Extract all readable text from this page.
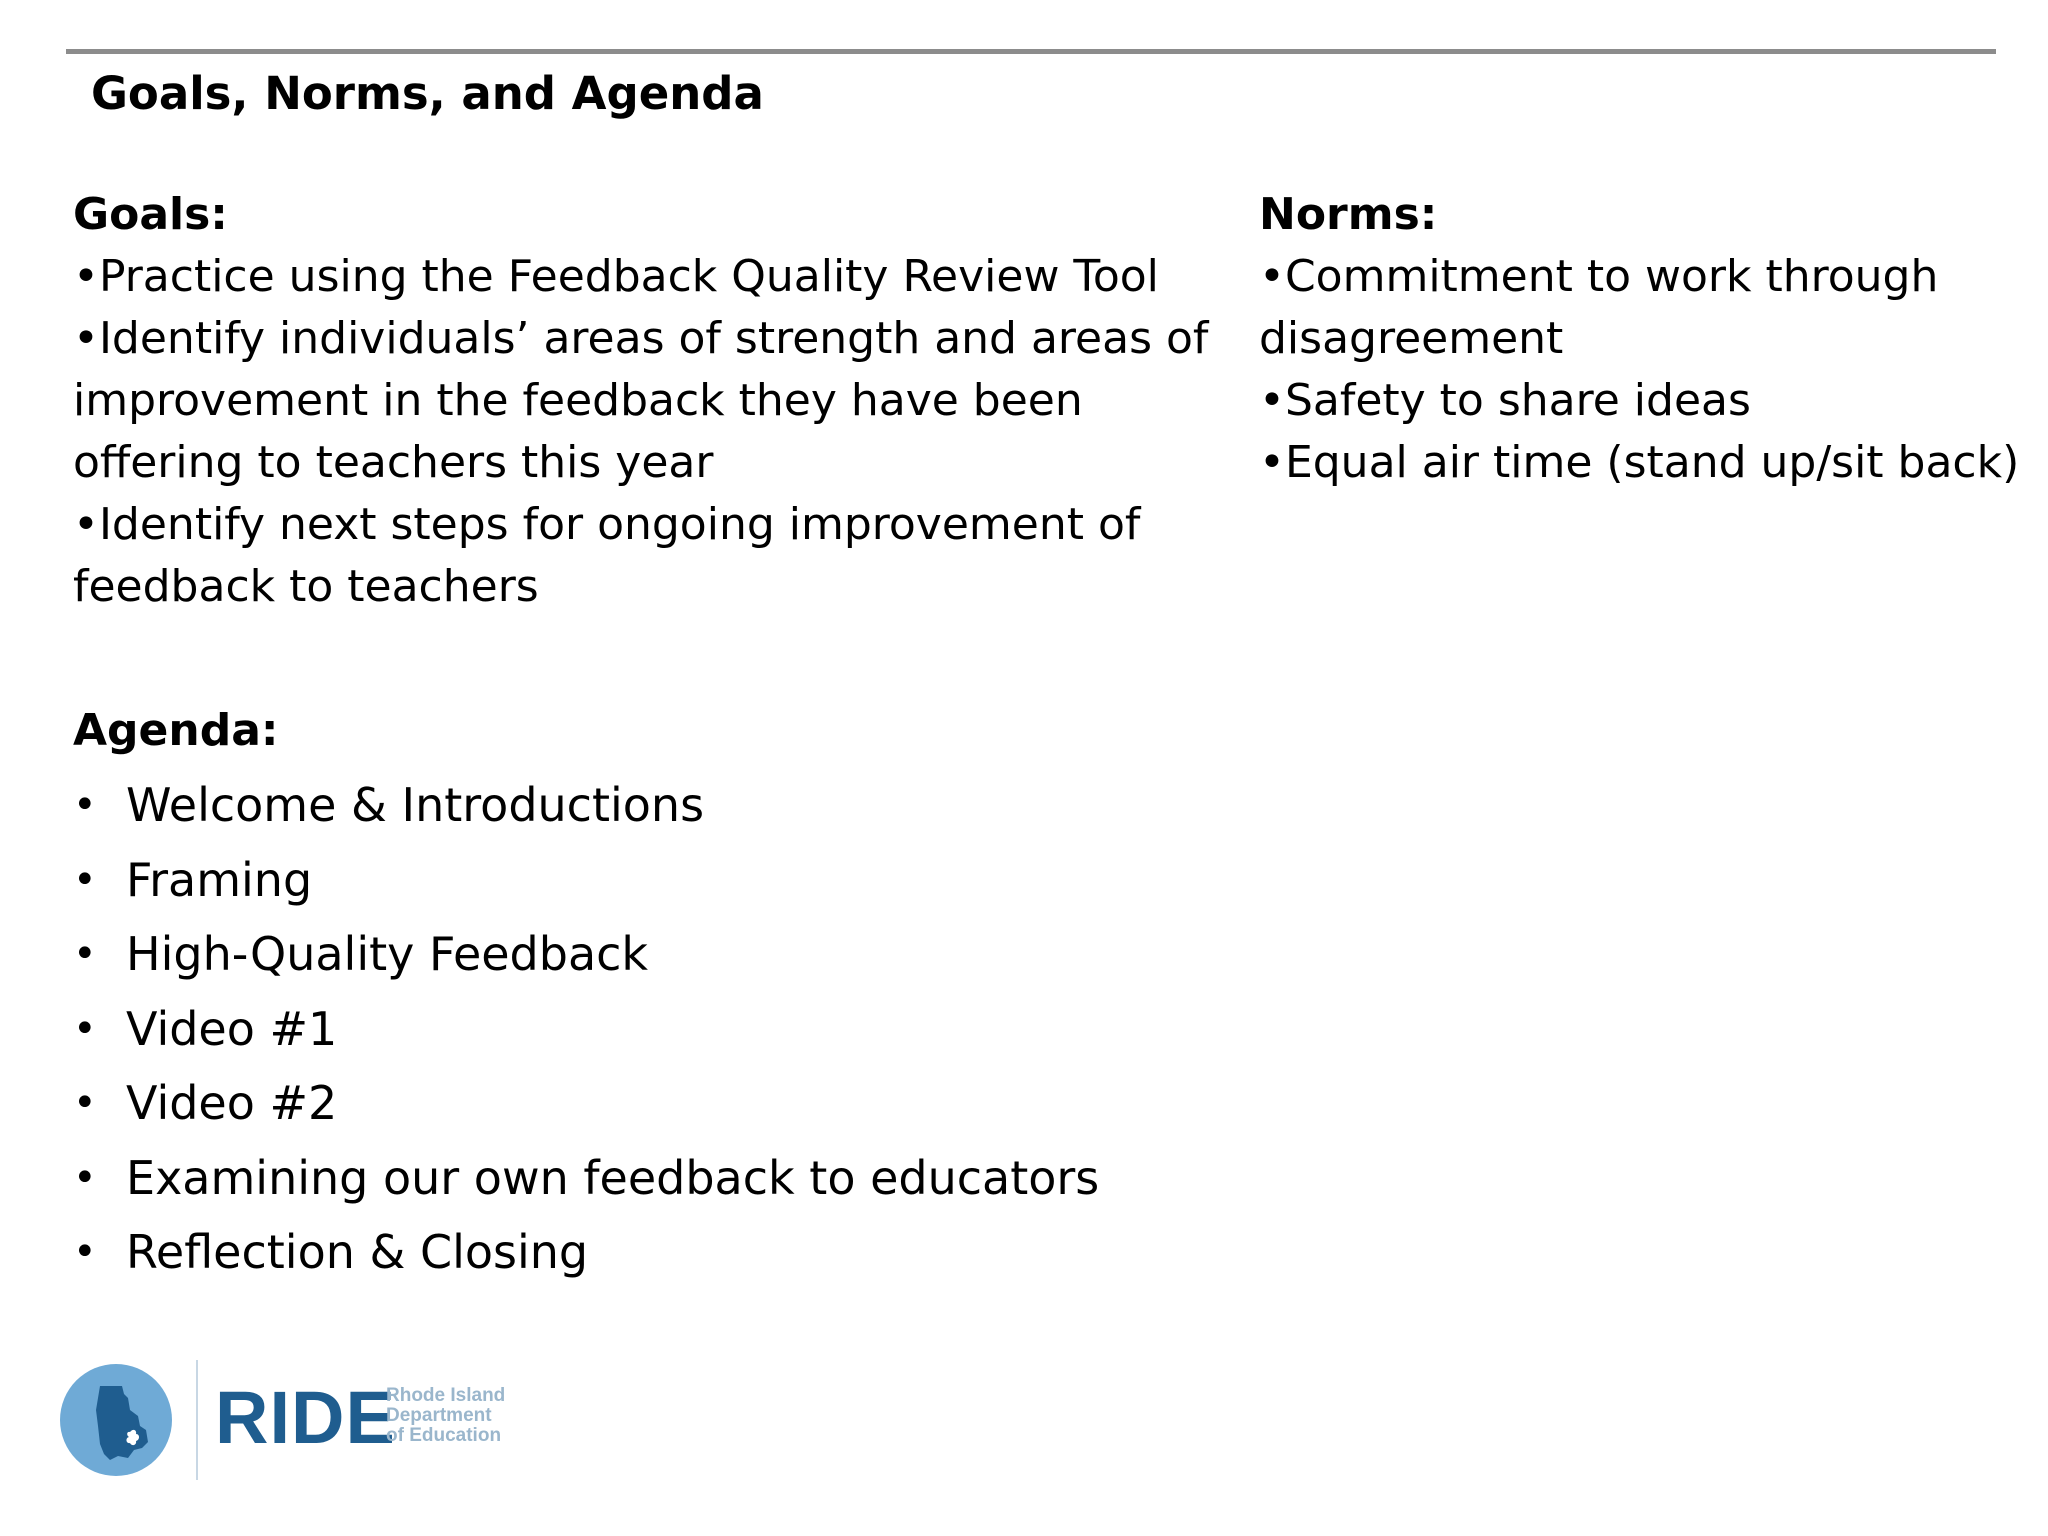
Goals, Norms, and Agenda
Goals:
•Practice using the Feedback Quality Review Tool
•Identify individuals’ areas of strength and areas of improvement in the feedback they have been offering to teachers this year
•Identify next steps for ongoing improvement of feedback to teachers
Norms:
•Commitment to work through disagreement
•Safety to share ideas
•Equal air time (stand up/sit back)
Agenda:
• Welcome & Introductions
• Framing
• High-Quality Feedback
• Video #1
• Video #2
• Examining our own feedback to educators
• Reflection & Closing
RIDE
Rhode Island
Department
of Education
